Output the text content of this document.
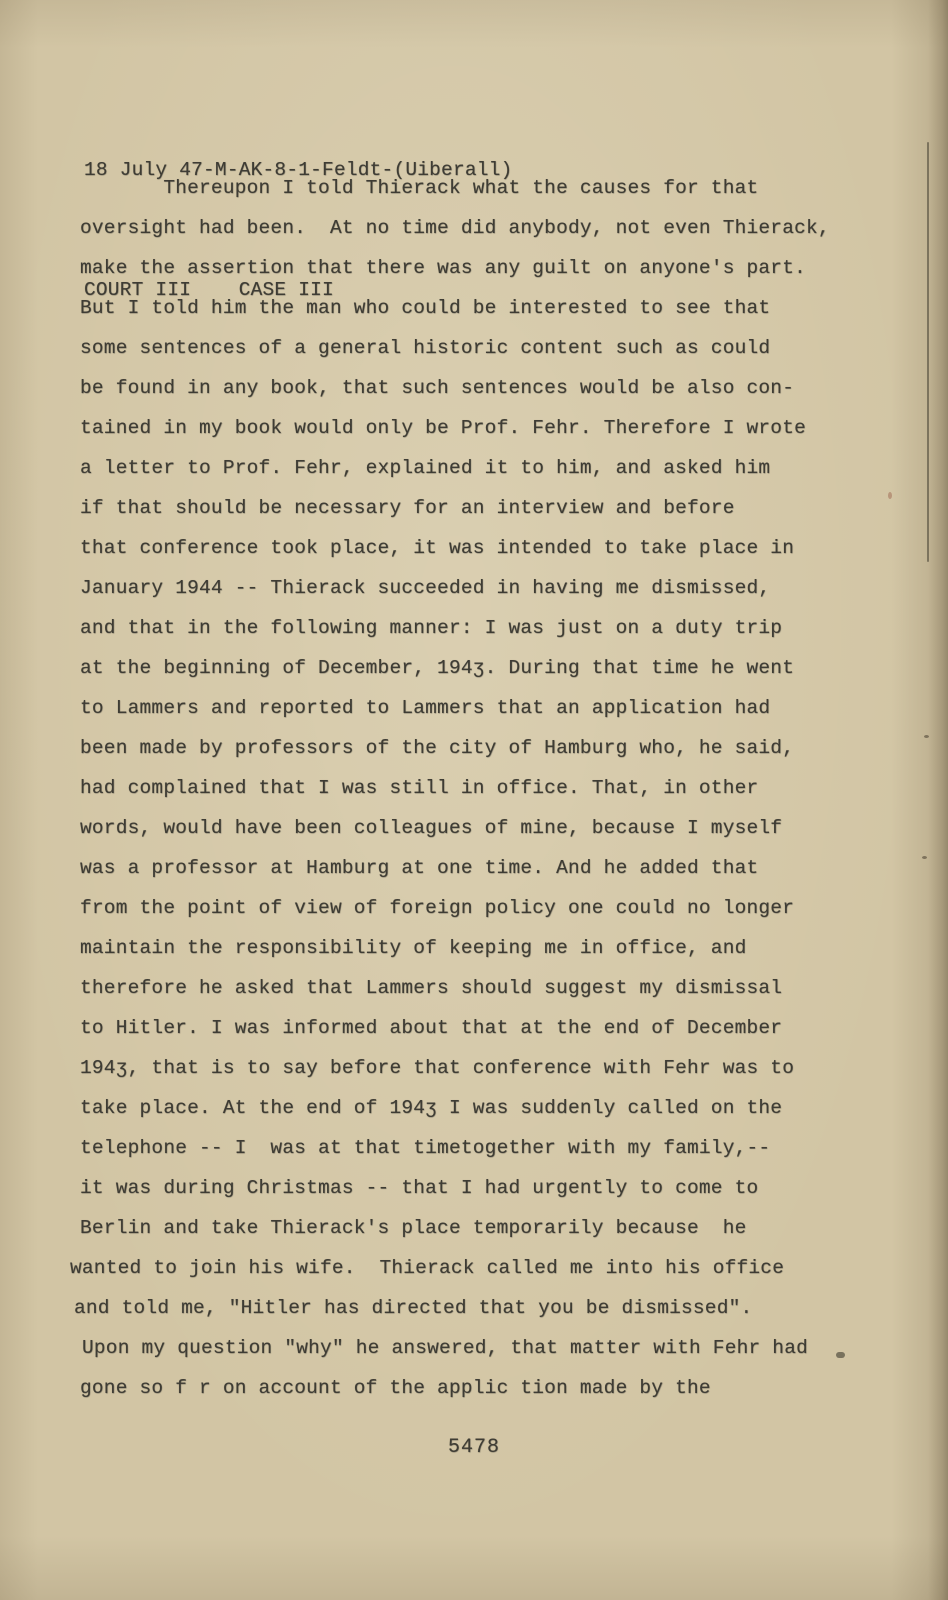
18 July 47-M-AK-8-1-Feldt-(Uiberall)

COURT III    CASE III

Thereupon I told Thierack what the causes for that
oversight had been.  At no time did anybody, not even Thierack,
make the assertion that there was any guilt on anyone's part.
But I told him the man who could be interested to see that
some sentences of a general historic content such as could
be found in any book, that such sentences would be also con-
tained in my book would only be Prof. Fehr. Therefore I wrote
a letter to Prof. Fehr, explained it to him, and asked him
if that should be necessary for an interview and before
that conference took place, it was intended to take place in
January 1944 -- Thierack succeeded in having me dismissed,
and that in the following manner: I was just on a duty trip
at the beginning of December, 194ʒ. During that time he went
to Lammers and reported to Lammers that an application had
been made by professors of the city of Hamburg who, he said,
had complained that I was still in office. That, in other
words, would have been colleagues of mine, because I myself
was a professor at Hamburg at one time. And he added that
from the point of view of foreign policy one could no longer
maintain the responsibility of keeping me in office, and
therefore he asked that Lammers should suggest my dismissal
to Hitler. I was informed about that at the end of December
194ʒ, that is to say before that conference with Fehr was to
take place. At the end of 194ʒ I was suddenly called on the
telephone -- I  was at that timetogether with my family,--
it was during Christmas -- that I had urgently to come to
Berlin and take Thierack's place temporarily because  he
wanted to join his wife.  Thierack called me into his office
and told me, "Hitler has directed that you be dismissed".
Upon my question "why" he answered, that matter with Fehr had
gone so f r on account of the applic tion made by the
5478
